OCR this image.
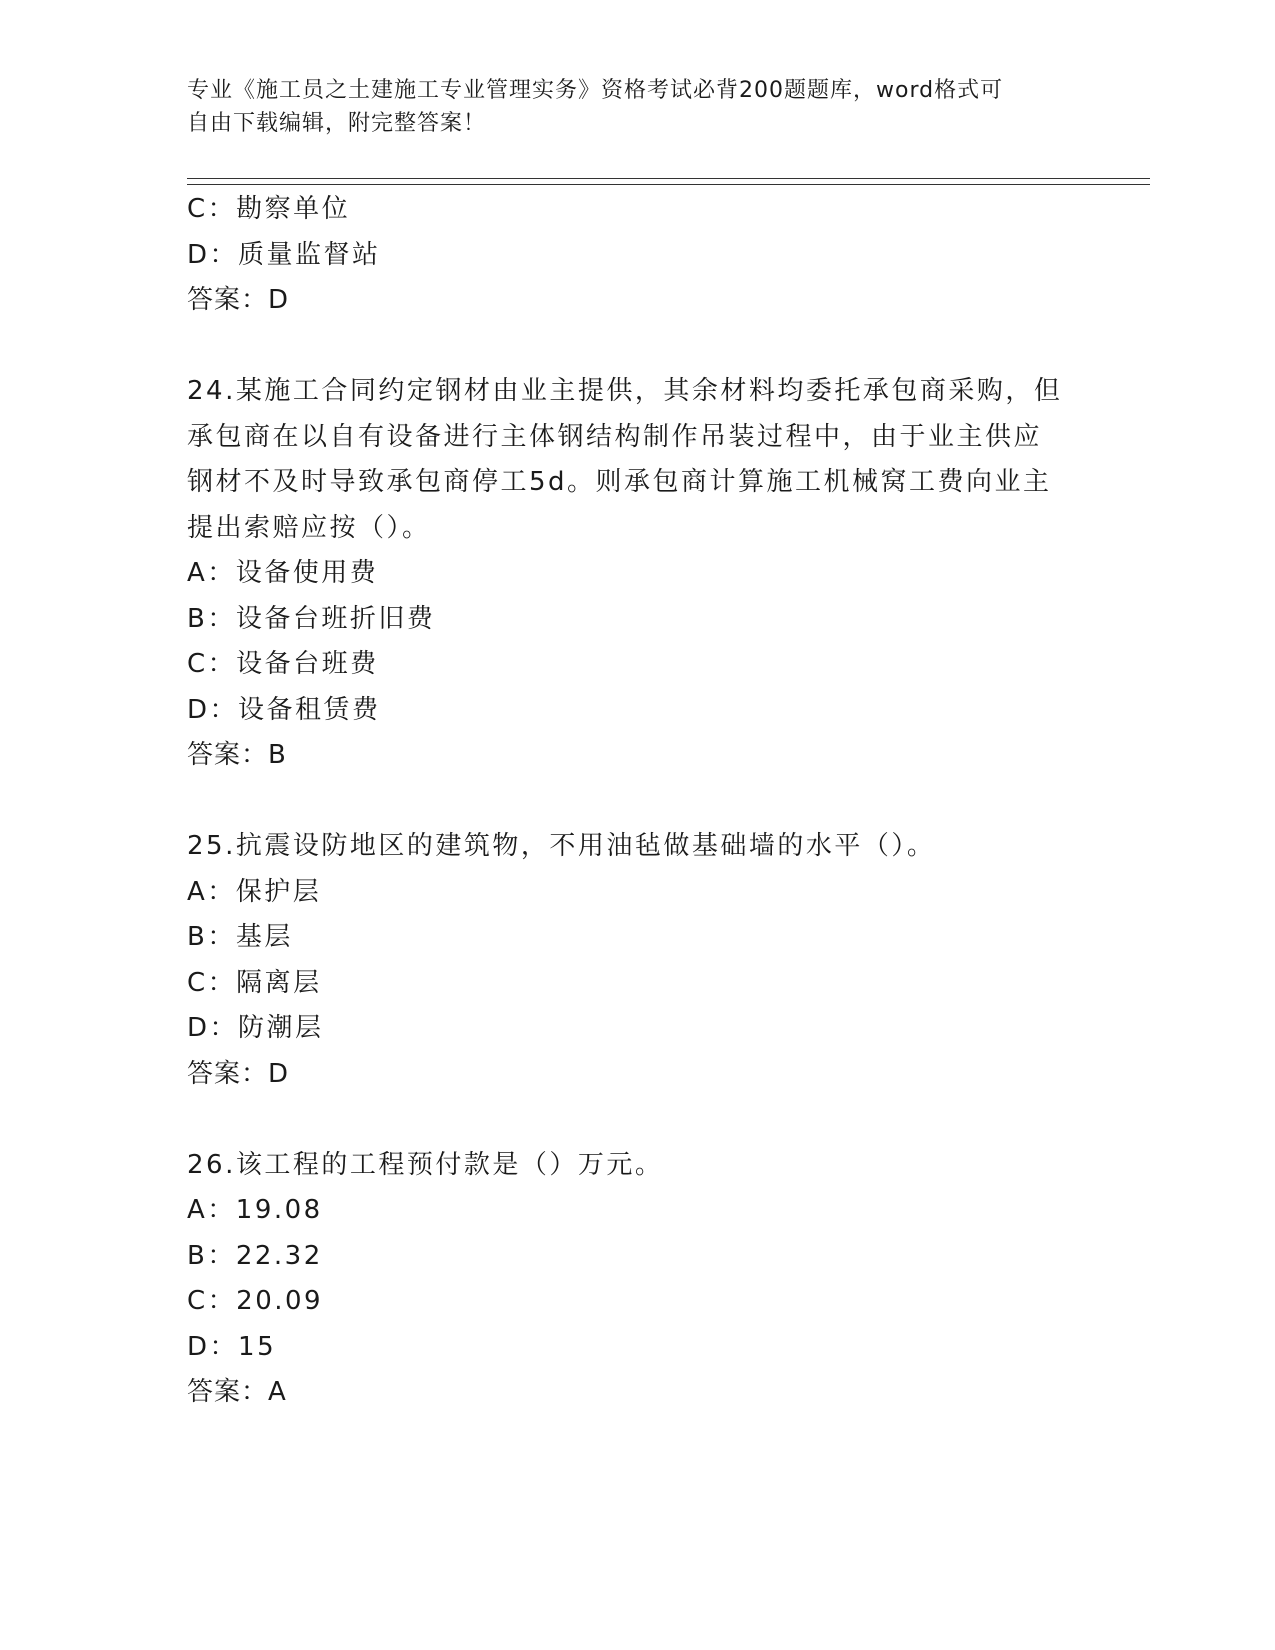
专业《施工员之土建施工专业管理实务》资格考试必背200题题库，word格式可
自由下载编辑，附完整答案！
C：勘察单位
D：质量监督站
答案：D
24.某施工合同约定钢材由业主提供，其余材料均委托承包商采购，但
承包商在以自有设备进行主体钢结构制作吊装过程中，由于业主供应
钢材不及时导致承包商停工5d。则承包商计算施工机械窝工费向业主
提出索赔应按（）。
A：设备使用费
B：设备台班折旧费
C：设备台班费
D：设备租赁费
答案：B
25.抗震设防地区的建筑物，不用油毡做基础墙的水平（）。
A：保护层
B：基层
C：隔离层
D：防潮层
答案：D
26.该工程的工程预付款是（）万元。
A：19.08
B：22.32
C：20.09
D：15
答案：A
